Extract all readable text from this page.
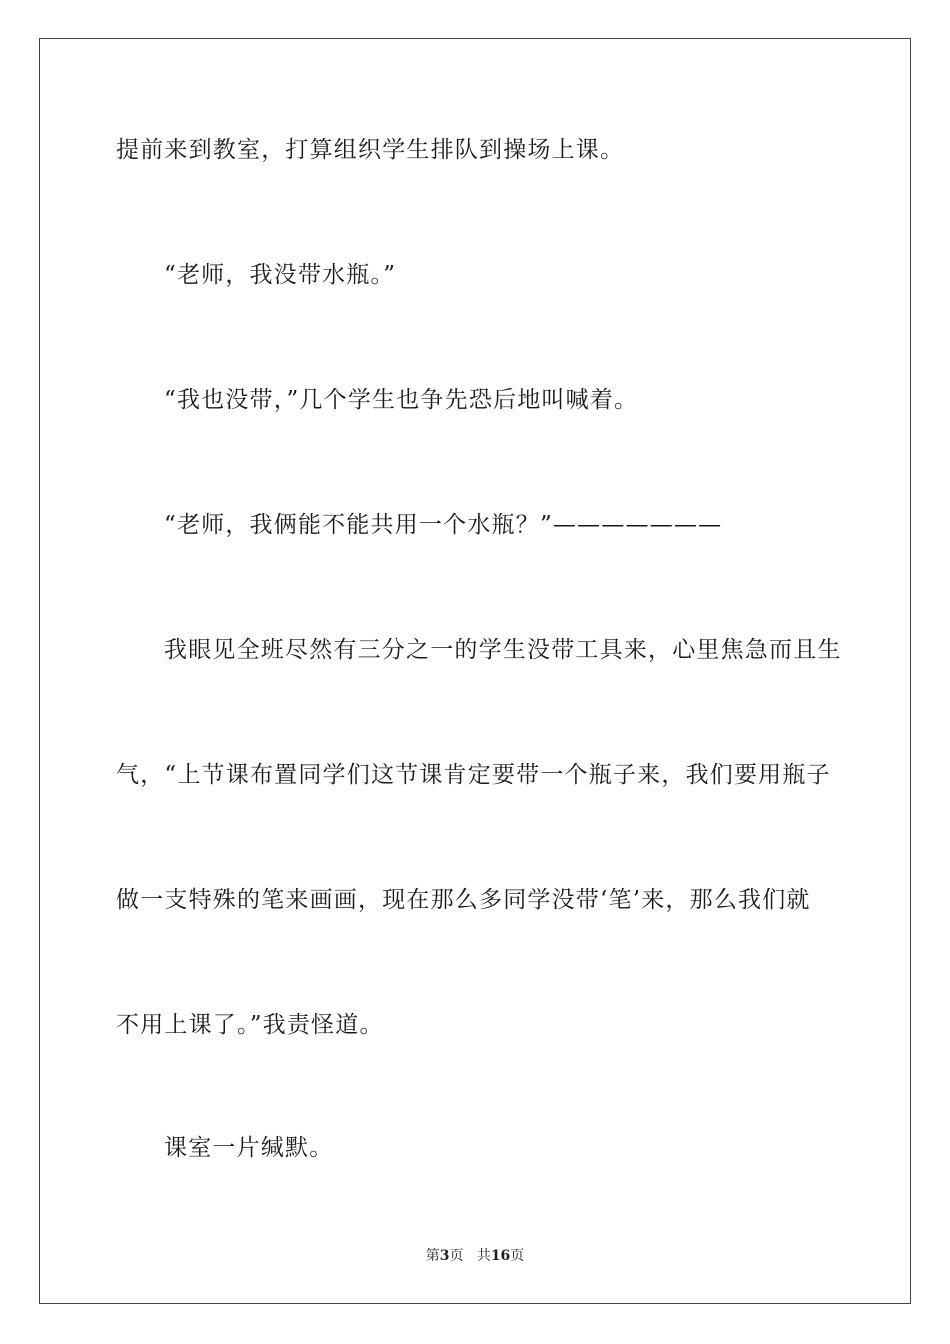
提前来到教室，打算组织学生排队到操场上课。
“老师，我没带水瓶。”
“我也没带，”几个学生也争先恐后地叫喊着。
“老师，我俩能不能共用一个水瓶？”———————
我眼见全班尽然有三分之一的学生没带工具来，心里焦急而且生
气，“上节课布置同学们这节课肯定要带一个瓶子来，我们要用瓶子
做一支特殊的笔来画画，现在那么多同学没带‘笔’来，那么我们就
不用上课了。”我责怪道。
课室一片缄默。
第3页 共16页
